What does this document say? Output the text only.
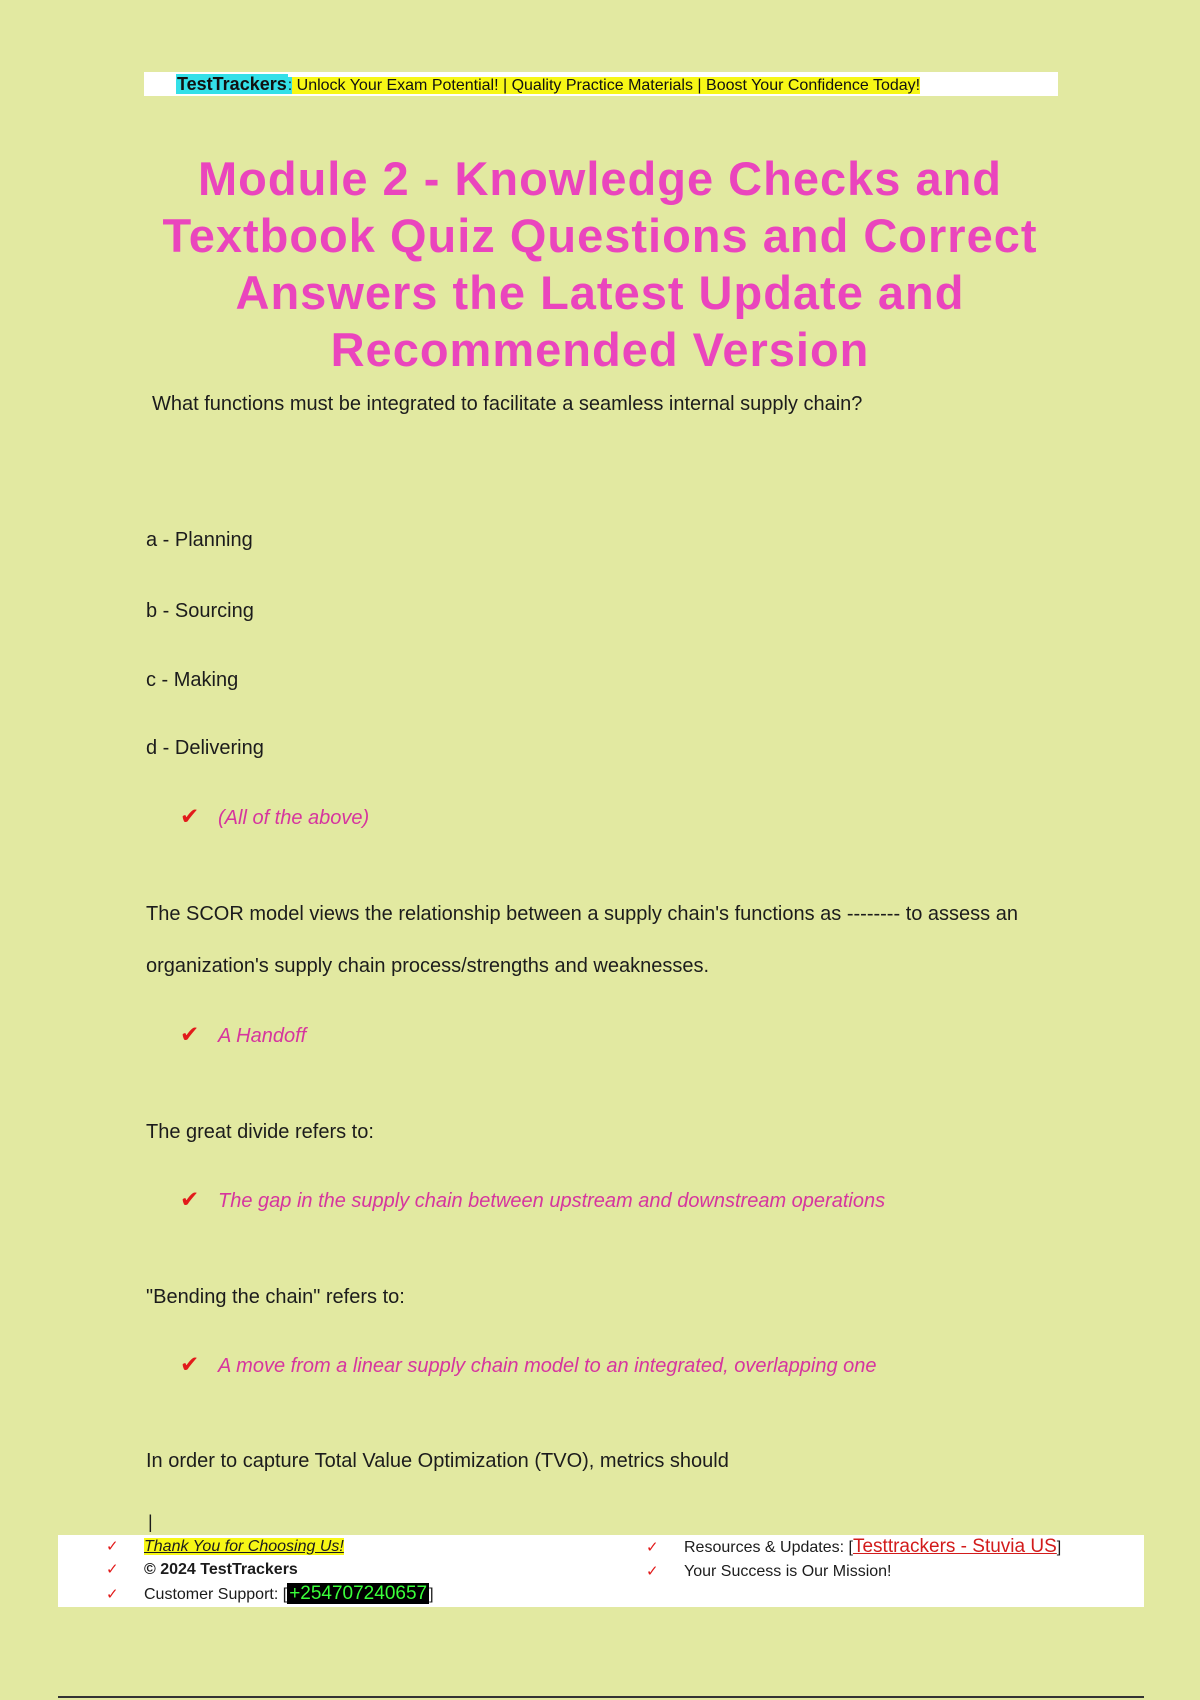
TestTrackers: Unlock Your Exam Potential! | Quality Practice Materials | Boost Your Confidence Today!
Module 2 - Knowledge Checks and Textbook Quiz Questions and Correct Answers the Latest Update and Recommended Version

What functions must be integrated to facilitate a seamless internal supply chain?

a - Planning

b - Sourcing

c - Making

d - Delivering

✔ (All of the above)

The SCOR model views the relationship between a supply chain's functions as -------- to assess an organization's supply chain process/strengths and weaknesses.

✔ A Handoff

The great divide refers to:

✔ The gap in the supply chain between upstream and downstream operations

"Bending the chain" refers to:

✔ A move from a linear supply chain model to an integrated, overlapping one

In order to capture Total Value Optimization (TVO), metrics should

|
✓ Thank You for Choosing Us!
✓ © 2024 TestTrackers
✓ Customer Support: [ +254707240657 ]
✓ Resources & Updates: [Testtrackers - Stuvia US]
✓ Your Success is Our Mission!
